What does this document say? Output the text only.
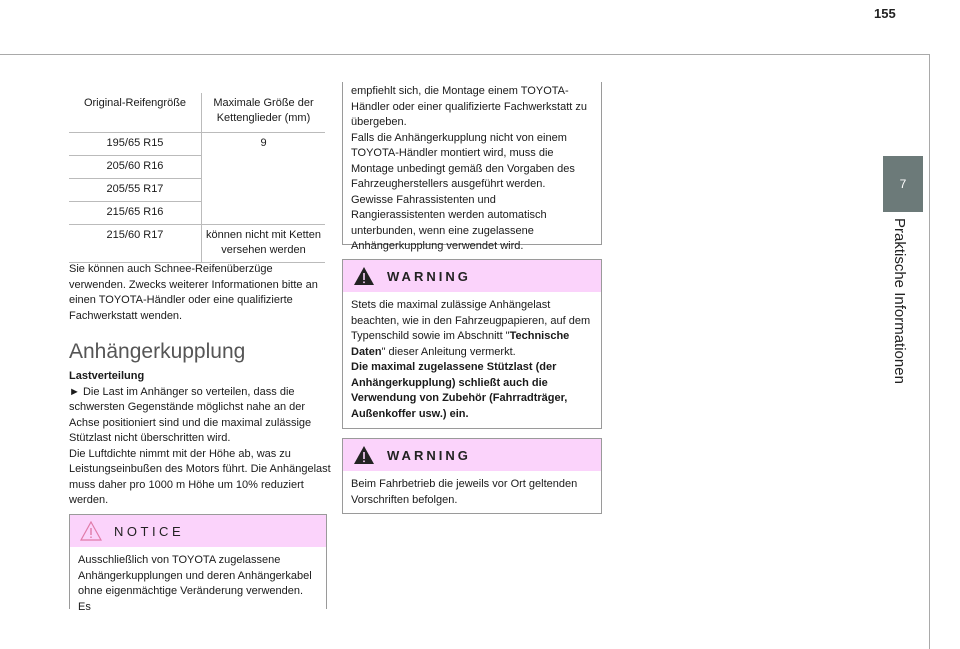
155
7
Praktische Informationen
Original-Reifengröße	Maximale Größe der Kettenglieder (mm)
195/65 R15	9
205/60 R16	
205/55 R17	
215/65 R16	
215/60 R17	können nicht mit Ketten versehen werden
Sie können auch Schnee-Reifenüberzüge verwenden. Zwecks weiterer Informationen bitte an einen TOYOTA-Händler oder eine qualifizierte Fachwerkstatt wenden.
Anhängerkupplung
Lastverteilung
► Die Last im Anhänger so verteilen, dass die schwersten Gegenstände möglichst nahe an der Achse positioniert sind und die maximal zulässige Stützlast nicht überschritten wird.
Die Luftdichte nimmt mit der Höhe ab, was zu Leistungseinbußen des Motors führt. Die Anhängelast muss daher pro 1000 m Höhe um 10% reduziert werden.
NOTICE
Ausschließlich von TOYOTA zugelassene Anhängerkupplungen und deren Anhängerkabel ohne eigenmächtige Veränderung verwenden. Es
empfiehlt sich, die Montage einem TOYOTA-Händler oder einer qualifizierte Fachwerkstatt zu übergeben.
Falls die Anhängerkupplung nicht von einem TOYOTA-Händler montiert wird, muss die Montage unbedingt gemäß den Vorgaben des Fahrzeugherstellers ausgeführt werden.
Gewisse Fahrassistenten und Rangierassistenten werden automatisch unterbunden, wenn eine zugelassene Anhängerkupplung verwendet wird.
WARNING
Stets die maximal zulässige Anhängelast beachten, wie in den Fahrzeugpapieren, auf dem Typenschild sowie im Abschnitt "Technische Daten" dieser Anleitung vermerkt.
Die maximal zugelassene Stützlast (der Anhängerkupplung) schließt auch die Verwendung von Zubehör (Fahrradträger, Außenkoffer usw.) ein.
WARNING
Beim Fahrbetrieb die jeweils vor Ort geltenden Vorschriften befolgen.
